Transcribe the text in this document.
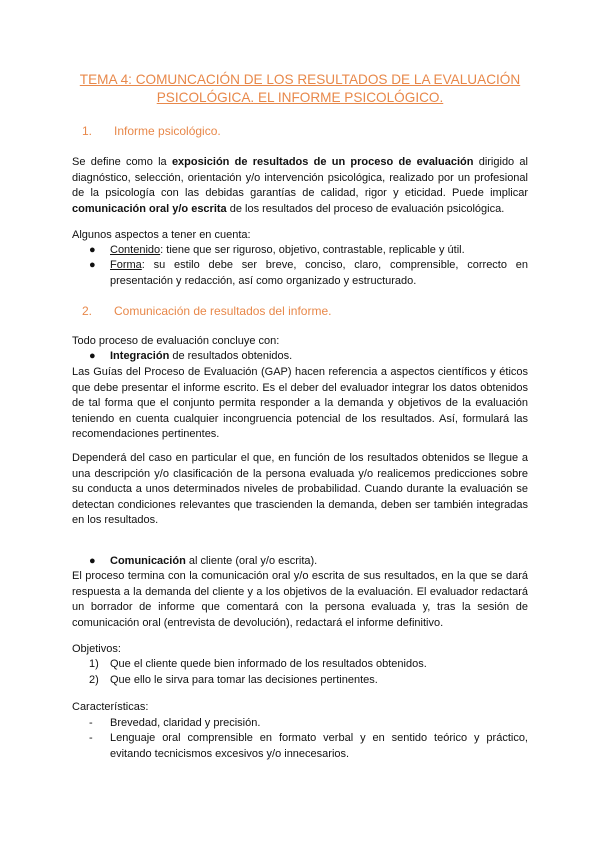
TEMA 4: COMUNCACIÓN DE LOS RESULTADOS DE LA EVALUACIÓN PSICOLÓGICA. EL INFORME PSICOLÓGICO.
1. Informe psicológico.
Se define como la exposición de resultados de un proceso de evaluación dirigido al diagnóstico, selección, orientación y/o intervención psicológica, realizado por un profesional de la psicología con las debidas garantías de calidad, rigor y eticidad. Puede implicar comunicación oral y/o escrita de los resultados del proceso de evaluación psicológica.
Algunos aspectos a tener en cuenta:
● Contenido: tiene que ser riguroso, objetivo, contrastable, replicable y útil.
● Forma: su estilo debe ser breve, conciso, claro, comprensible, correcto en presentación y redacción, así como organizado y estructurado.
2. Comunicación de resultados del informe.
Todo proceso de evaluación concluye con:
● Integración de resultados obtenidos.
Las Guías del Proceso de Evaluación (GAP) hacen referencia a aspectos científicos y éticos que debe presentar el informe escrito. Es el deber del evaluador integrar los datos obtenidos de tal forma que el conjunto permita responder a la demanda y objetivos de la evaluación teniendo en cuenta cualquier incongruencia potencial de los resultados. Así, formulará las recomendaciones pertinentes.
Dependerá del caso en particular el que, en función de los resultados obtenidos se llegue a una descripción y/o clasificación de la persona evaluada y/o realicemos predicciones sobre su conducta a unos determinados niveles de probabilidad. Cuando durante la evaluación se detectan condiciones relevantes que trascienden la demanda, deben ser también integradas en los resultados.
● Comunicación al cliente (oral y/o escrita).
El proceso termina con la comunicación oral y/o escrita de sus resultados, en la que se dará respuesta a la demanda del cliente y a los objetivos de la evaluación. El evaluador redactará un borrador de informe que comentará con la persona evaluada y, tras la sesión de comunicación oral (entrevista de devolución), redactará el informe definitivo.
Objetivos:
1) Que el cliente quede bien informado de los resultados obtenidos.
2) Que ello le sirva para tomar las decisiones pertinentes.
Características:
- Brevedad, claridad y precisión.
- Lenguaje oral comprensible en formato verbal y en sentido teórico y práctico, evitando tecnicismos excesivos y/o innecesarios.
